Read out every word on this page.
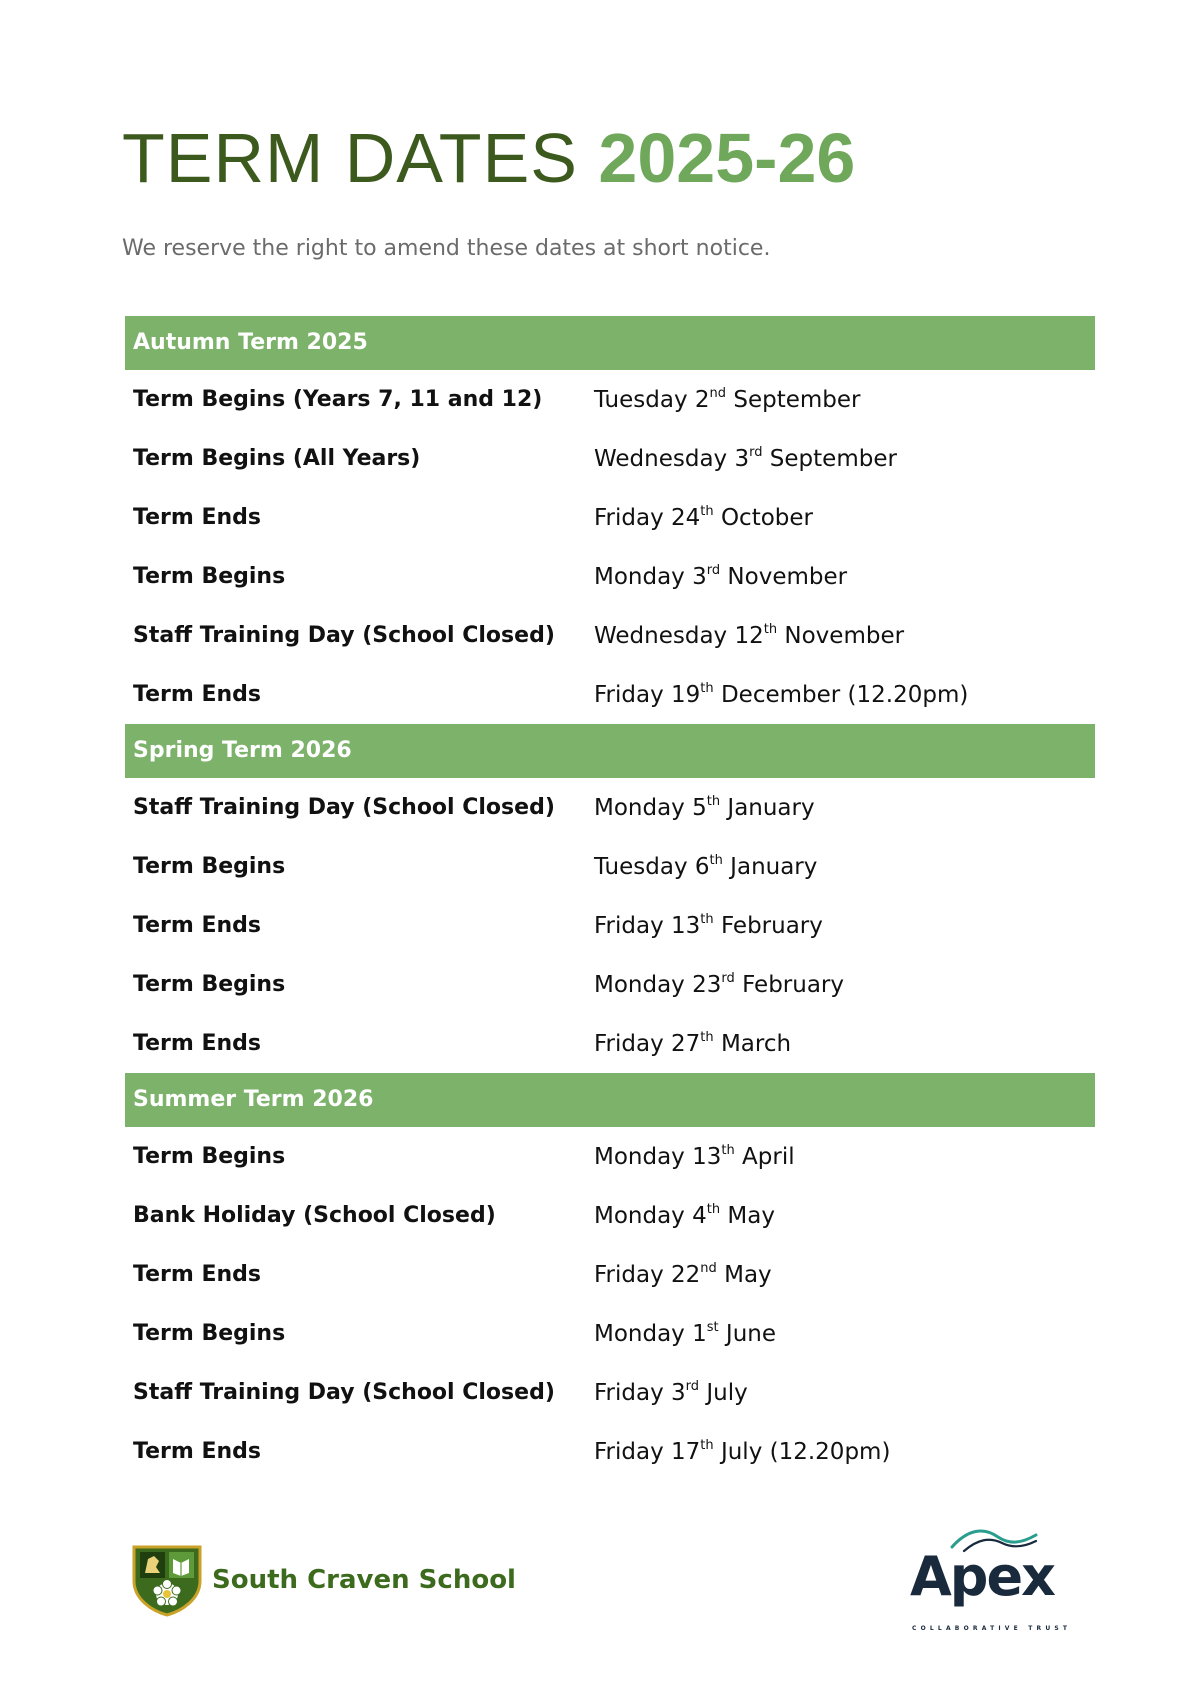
TERM DATES 2025-26

We reserve the right to amend these dates at short notice.

Autumn Term 2025
Term Begins (Years 7, 11 and 12)	Tuesday 2nd September
Term Begins (All Years)	Wednesday 3rd September
Term Ends	Friday 24th October
Term Begins	Monday 3rd November
Staff Training Day (School Closed)	Wednesday 12th November
Term Ends	Friday 19th December (12.20pm)
Spring Term 2026
Staff Training Day (School Closed)	Monday 5th January
Term Begins	Tuesday 6th January
Term Ends	Friday 13th February
Term Begins	Monday 23rd February
Term Ends	Friday 27th March
Summer Term 2026
Term Begins	Monday 13th April
Bank Holiday (School Closed)	Monday 4th May
Term Ends	Friday 22nd May
Term Begins	Monday 1st June
Staff Training Day (School Closed)	Friday 3rd July
Term Ends	Friday 17th July (12.20pm)
South Craven School	Apex
COLLABORATIVE TRUST
